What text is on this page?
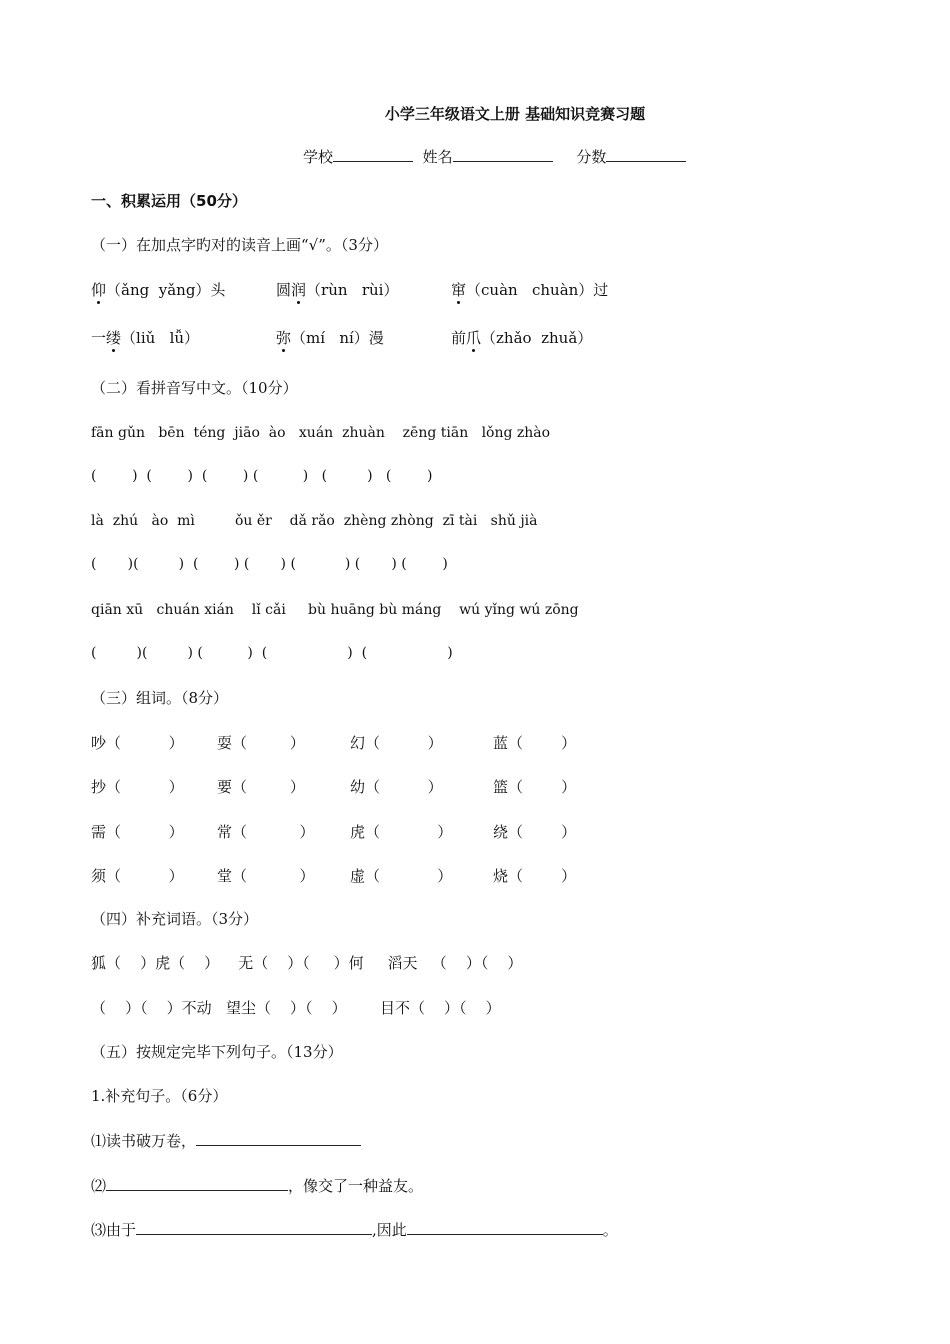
小学三年级语文上册 基础知识竞赛习题
学校	姓名	分数
一、积累运用（50分）
（一）在加点字旳对的读音上画“√”。（3分）
仰（ǎng  yǎng）头	圆润（rùn   rùi）	窜（cuàn   chuàn）过
一缕（liǔ   lǚ）	弥（mí   ní）漫	前爪（zhǎo  zhuǎ）
（二）看拼音写中文。（10分）
fān gǔn   bēn  téng  jiāo  ào   xuán  zhuàn    zēng tiān   lǒng zhào
(        )  (        )  (        ) (          )   (         )   (        )
là  zhú   ào  mì         ǒu ěr    dǎ rǎo  zhèng zhòng  zī tài   shǔ jià
(       )(         )  (        ) (       ) (           ) (       ) (        )
qiān xū   chuán xián    lǐ cǎi     bù huāng bù máng    wú yǐng wú zōng
(         )(         ) (          )  (                  )  (                  )
（三）组词。（8分）
吵（          ） 耍（         ）	幻（          ）	蓝（        ）
抄（          ） 要（         ）	幼（          ）	篮（        ）
需（          ） 常（           ） 虎（            ）	绕（        ）
须（          ） 堂（           ） 虚（            ）	烧（        ）
（四）补充词语。（3分）
狐（    ）虎（    ）    无（    ）（     ）何     滔天   （    ）（    ）
（    ）（    ）不动   望尘（    ）（    ）       目不（    ）（    ）
（五）按规定完毕下列句子。（13分）
1.补充句子。（6分）
⑴读书破万卷，
⑵	，像交了一种益友。
⑶由于	,因此	。
